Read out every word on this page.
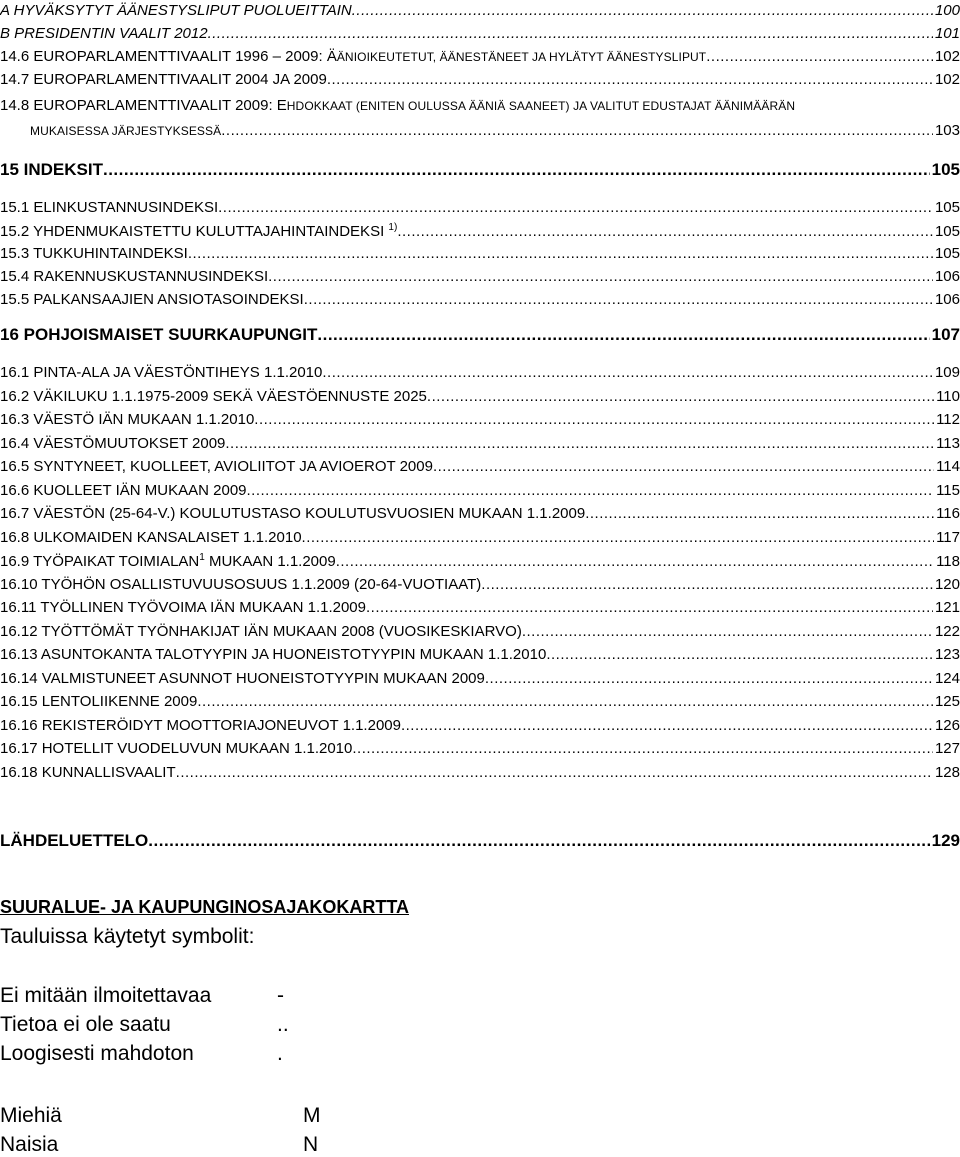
A HYVÄKSYTYT ÄÄNESTYSLIPUT PUOLUEITTAIN .....	100
B PRESIDENTIN VAALIT 2012 .....	101
14.6 EUROPARLAMENTTIVAALIT 1996 – 2009: ÄÄNIOIKEUTETUT, ÄÄNESTÄNEET JA HYLÄTYT ÄÄNESTYSLIPUT .....	102
14.7 EUROPARLAMENTTIVAALIT 2004 JA 2009 .....	102
14.8 EUROPARLAMENTTIVAALIT 2009: EHDOKKAAT (ENITEN OULUSSA ÄÄNIÄ SAANEET) JA VALITUT EDUSTAJAT ÄÄNIMÄÄRÄN
MUKAISESSA JÄRJESTYKSESSÄ .....	103
15 INDEKSIT .....	105
15.1 ELINKUSTANNUSINDEKSI .....	105
15.2 YHDENMUKAISTETTU KULUTTAJAHINTAINDEKSI $^{1)}$ .....	105
15.3 TUKKUHINTAINDEKSI .....	105
15.4 RAKENNUSKUSTANNUSINDEKSI .....	106
15.5 PALKANSAAJIEN ANSIOTASOINDEKSI .....	106
16 POHJOISMAISET SUURKAUPUNGIT .....	107
16.1 PINTA-ALA JA VÄESTÖNTIHEYS 1.1.2010 .....	109
16.2 VÄKILUKU 1.1.1975-2009 SEKÄ VÄESTÖENNUSTE 2025 .....	110
16.3 VÄESTÖ IÄN MUKAAN 1.1.2010 .....	112
16.4 VÄESTÖMUUTOKSET 2009 .....	113
16.5 SYNTYNEET, KUOLLEET, AVIOLIITOT JA AVIOEROT 2009 .....	114
16.6 KUOLLEET IÄN MUKAAN 2009 .....	115
16.7 VÄESTÖN (25-64-V.) KOULUTUSTASO KOULUTUSVUOSIEN MUKAAN 1.1.2009 .....	116
16.8 ULKOMAIDEN KANSALAISET 1.1.2010 .....	117
16.9 TYÖPAIKAT TOIMIALAN$^1$ MUKAAN 1.1.2009 .....	118
16.10 TYÖHÖN OSALLISTUVUUSOSUUS 1.1.2009 (20-64-VUOTIAAT) .....	120
16.11 TYÖLLINEN TYÖVOIMA IÄN MUKAAN 1.1.2009 .....	121
16.12 TYÖTTÖMÄT TYÖNHAKIJAT IÄN MUKAAN 2008 (VUOSIKESKIARVO) .....	122
16.13 ASUNTOKANTA TALOTYYPIN JA HUONEISTOTYYPIN MUKAAN 1.1.2010 .....	123
16.14 VALMISTUNEET ASUNNOT HUONEISTOTYYPIN MUKAAN 2009 .....	124
16.15 LENTOLIIKENNE 2009 .....	125
16.16 REKISTERÖIDYT MOOTTORIAJONEUVOT 1.1.2009 .....	126
16.17 HOTELLIT VUODELUVUN MUKAAN 1.1.2010 .....	127
16.18 KUNNALLISVAALIT .....	128
LÄHDELUETTELO .....	129
SUURALUE- JA KAUPUNGINOSAJAKOKARTTA
Tauluissa käytetyt symbolit:
Ei mitään ilmoitettavaa	-
Tietoa ei ole saatu	..
Loogisesti mahdoton	.
Miehiä	M
Naisia	N
